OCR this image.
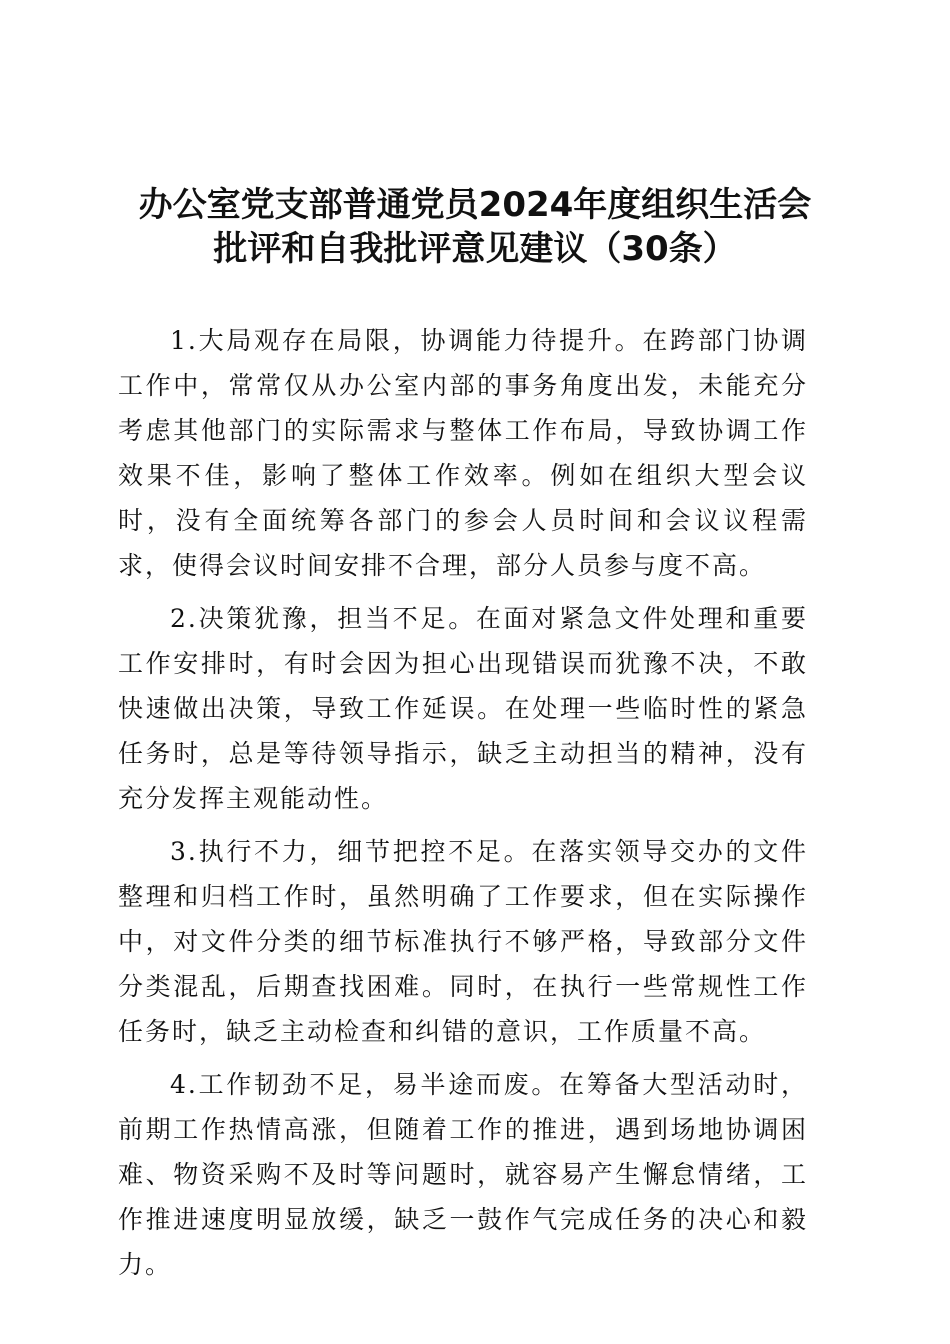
办公室党支部普通党员2024年度组织生活会
批评和自我批评意见建议（30条）

1.大局观存在局限，协调能力待提升。在跨部门协调工作中，常常仅从办公室内部的事务角度出发，未能充分考虑其他部门的实际需求与整体工作布局，导致协调工作效果不佳，影响了整体工作效率。例如在组织大型会议时，没有全面统筹各部门的参会人员时间和会议议程需求，使得会议时间安排不合理，部分人员参与度不高。

2.决策犹豫，担当不足。在面对紧急文件处理和重要工作安排时，有时会因为担心出现错误而犹豫不决，不敢快速做出决策，导致工作延误。在处理一些临时性的紧急任务时，总是等待领导指示，缺乏主动担当的精神，没有充分发挥主观能动性。

3.执行不力，细节把控不足。在落实领导交办的文件整理和归档工作时，虽然明确了工作要求，但在实际操作中，对文件分类的细节标准执行不够严格，导致部分文件分类混乱，后期查找困难。同时，在执行一些常规性工作任务时，缺乏主动检查和纠错的意识，工作质量不高。

4.工作韧劲不足，易半途而废。在筹备大型活动时，前期工作热情高涨，但随着工作的推进，遇到场地协调困难、物资采购不及时等问题时，就容易产生懈怠情绪，工作推进速度明显放缓，缺乏一鼓作气完成任务的决心和毅力。
